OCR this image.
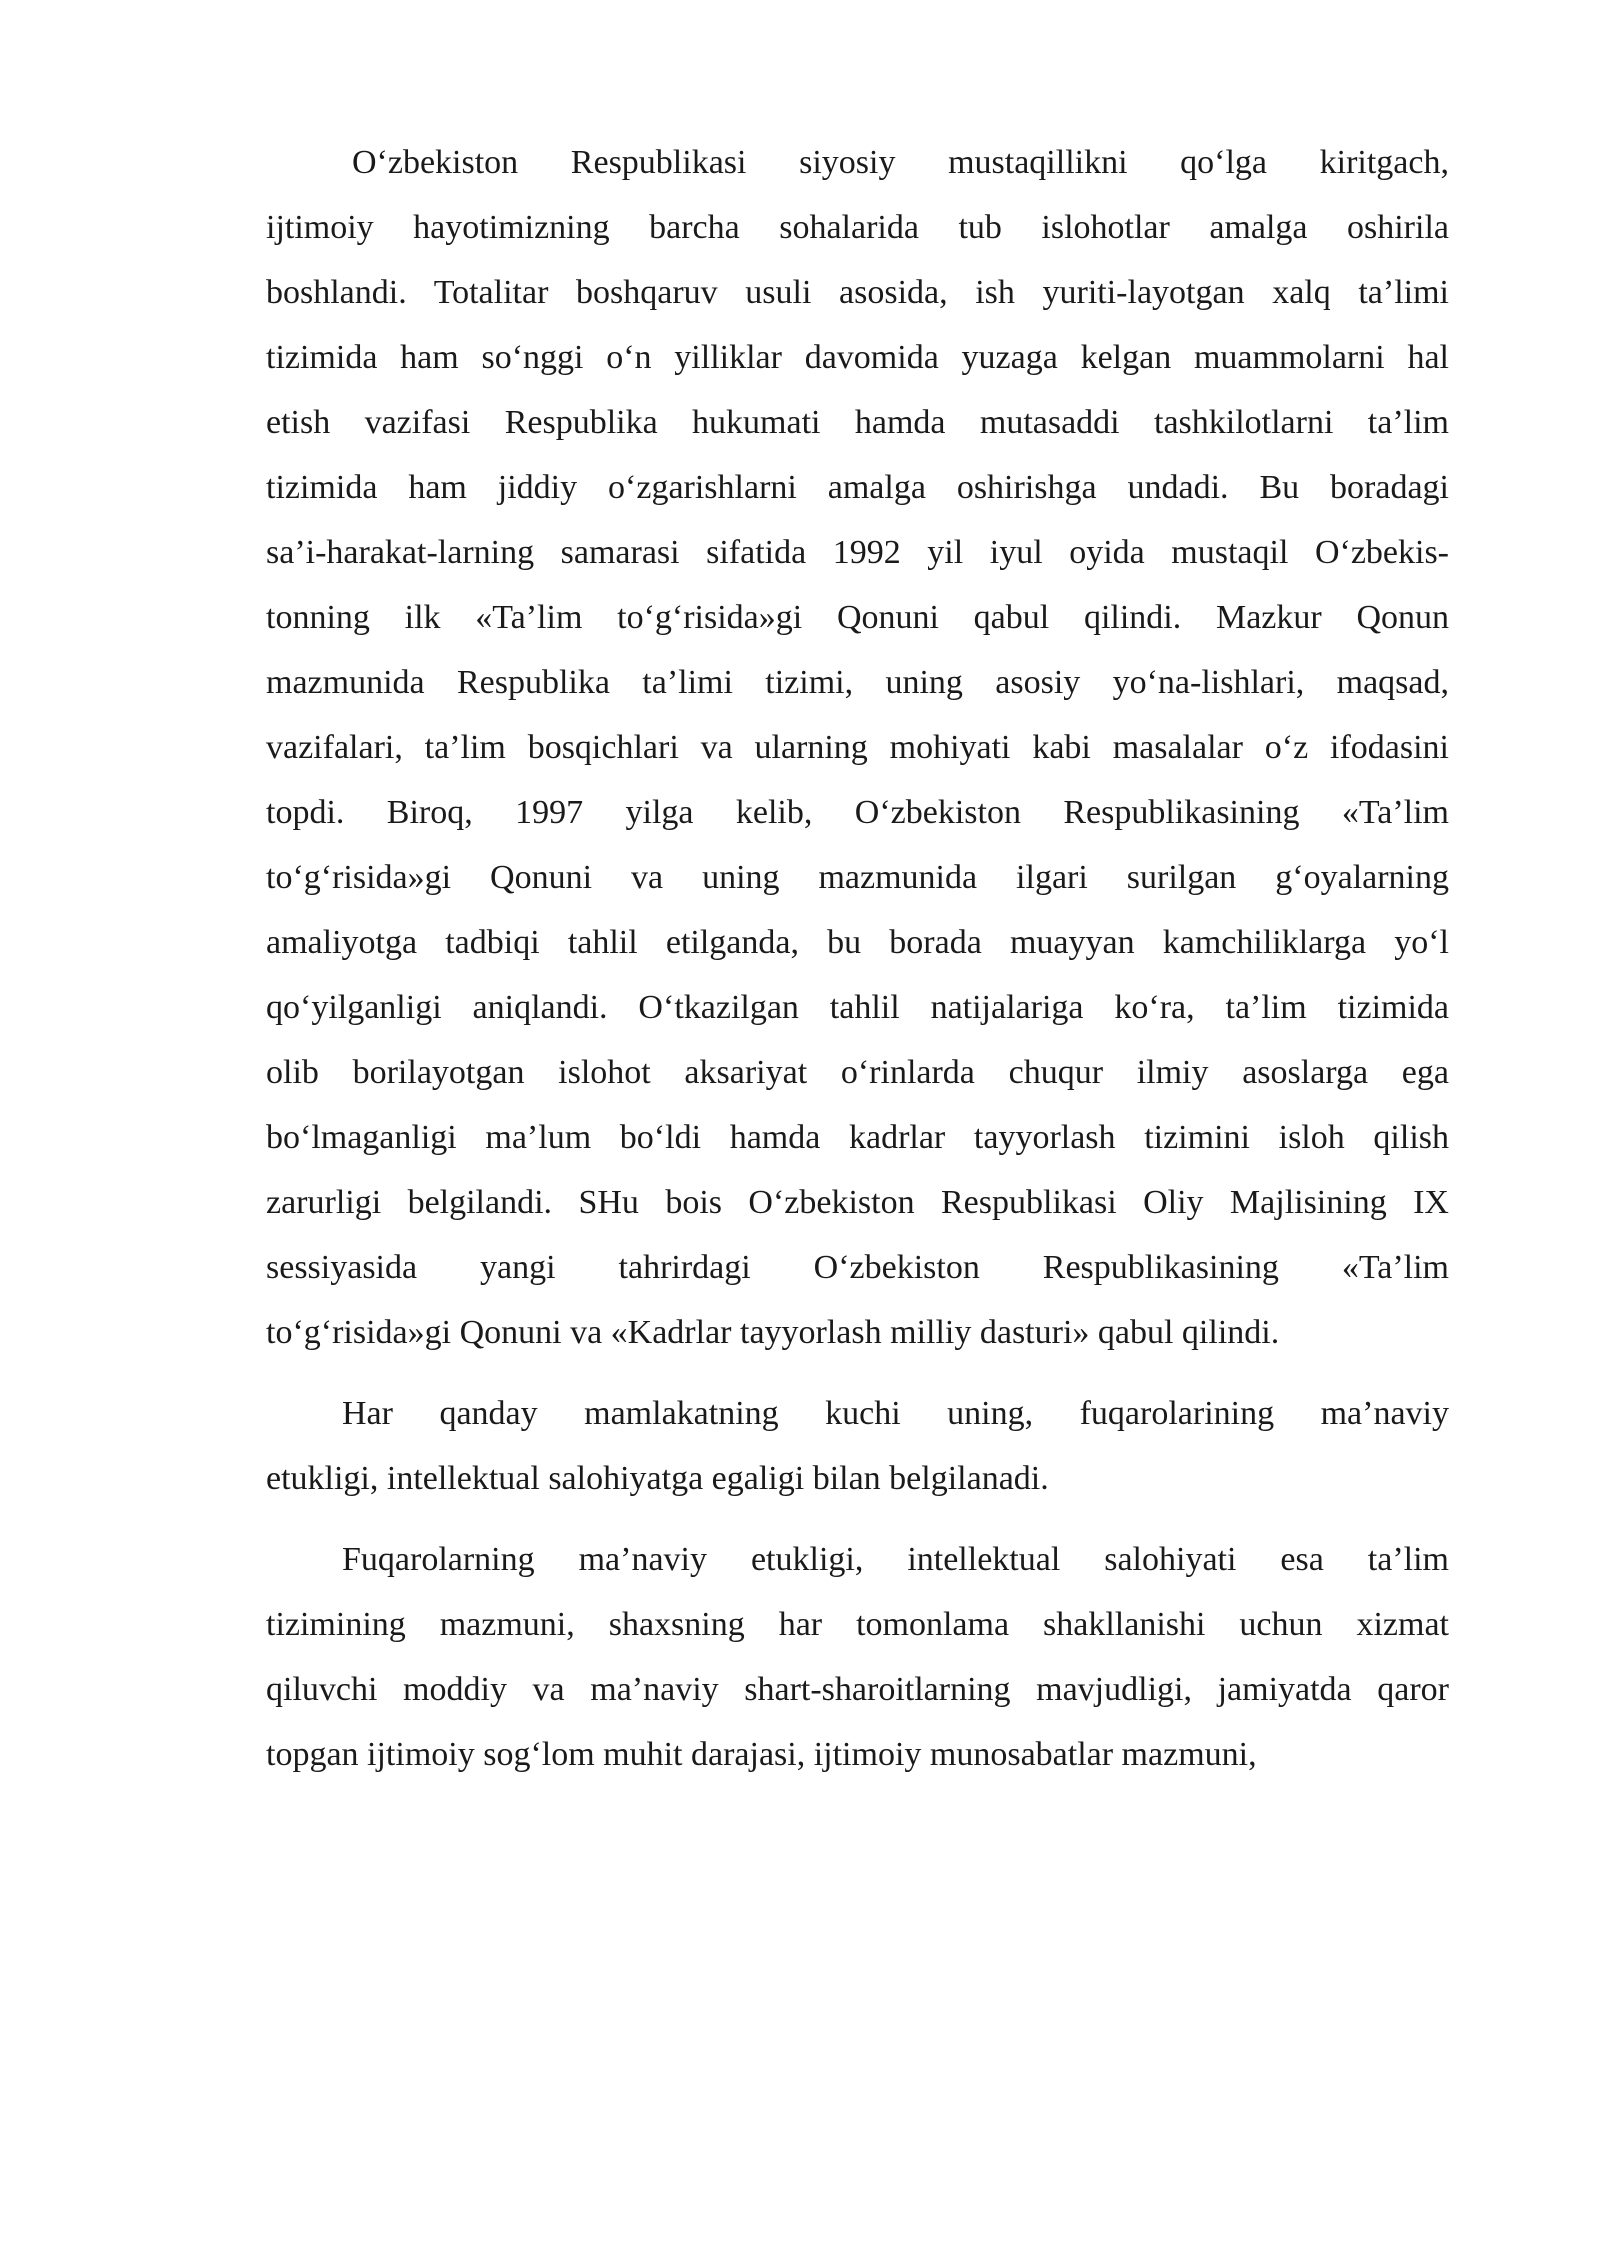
O‘zbekiston Respublikasi siyosiy mustaqillikni qo‘lga kiritgach,
ijtimoiy hayotimizning barcha sohalarida tub islohotlar amalga oshirila
boshlandi. Totalitar boshqaruv usuli asosida, ish yuriti-layotgan xalq ta’limi
tizimida ham so‘nggi o‘n yilliklar davomida yuzaga kelgan muammolarni hal
etish vazifasi Respublika hukumati hamda mutasaddi tashkilotlarni ta’lim
tizimida ham jiddiy o‘zgarishlarni amalga oshirishga undadi. Bu boradagi
sa’i-harakat-larning samarasi sifatida 1992 yil iyul oyida mustaqil O‘zbekis-
tonning ilk «Ta’lim to‘g‘risida»gi Qonuni qabul qilindi. Mazkur Qonun
mazmunida Respublika ta’limi tizimi, uning asosiy yo‘na-lishlari, maqsad,
vazifalari, ta’lim bosqichlari va ularning mohiyati kabi masalalar o‘z ifodasini
topdi. Biroq, 1997 yilga kelib, O‘zbekiston Respublikasining «Ta’lim
to‘g‘risida»gi Qonuni va uning mazmunida ilgari surilgan g‘oyalarning
amaliyotga tadbiqi tahlil etilganda, bu borada muayyan kamchiliklarga yo‘l
qo‘yilganligi aniqlandi. O‘tkazilgan tahlil natijalariga ko‘ra, ta’lim tizimida
olib borilayotgan islohot aksariyat o‘rinlarda chuqur ilmiy asoslarga ega
bo‘lmaganligi ma’lum bo‘ldi hamda kadrlar tayyorlash tizimini isloh qilish
zarurligi belgilandi. SHu bois O‘zbekiston Respublikasi Oliy Majlisining IX
sessiyasida yangi tahrirdagi O‘zbekiston Respublikasining «Ta’lim
to‘g‘risida»gi Qonuni va «Kadrlar tayyorlash milliy dasturi» qabul qilindi.
Har qanday mamlakatning kuchi uning, fuqarolarining ma’naviy
etukligi, intellektual salohiyatga egaligi bilan belgilanadi.
Fuqarolarning ma’naviy etukligi, intellektual salohiyati esa ta’lim
tizimining mazmuni, shaxsning har tomonlama shakllanishi uchun xizmat
qiluvchi moddiy va ma’naviy shart-sharoitlarning mavjudligi, jamiyatda qaror
topgan ijtimoiy sog‘lom muhit darajasi, ijtimoiy munosabatlar mazmuni,
